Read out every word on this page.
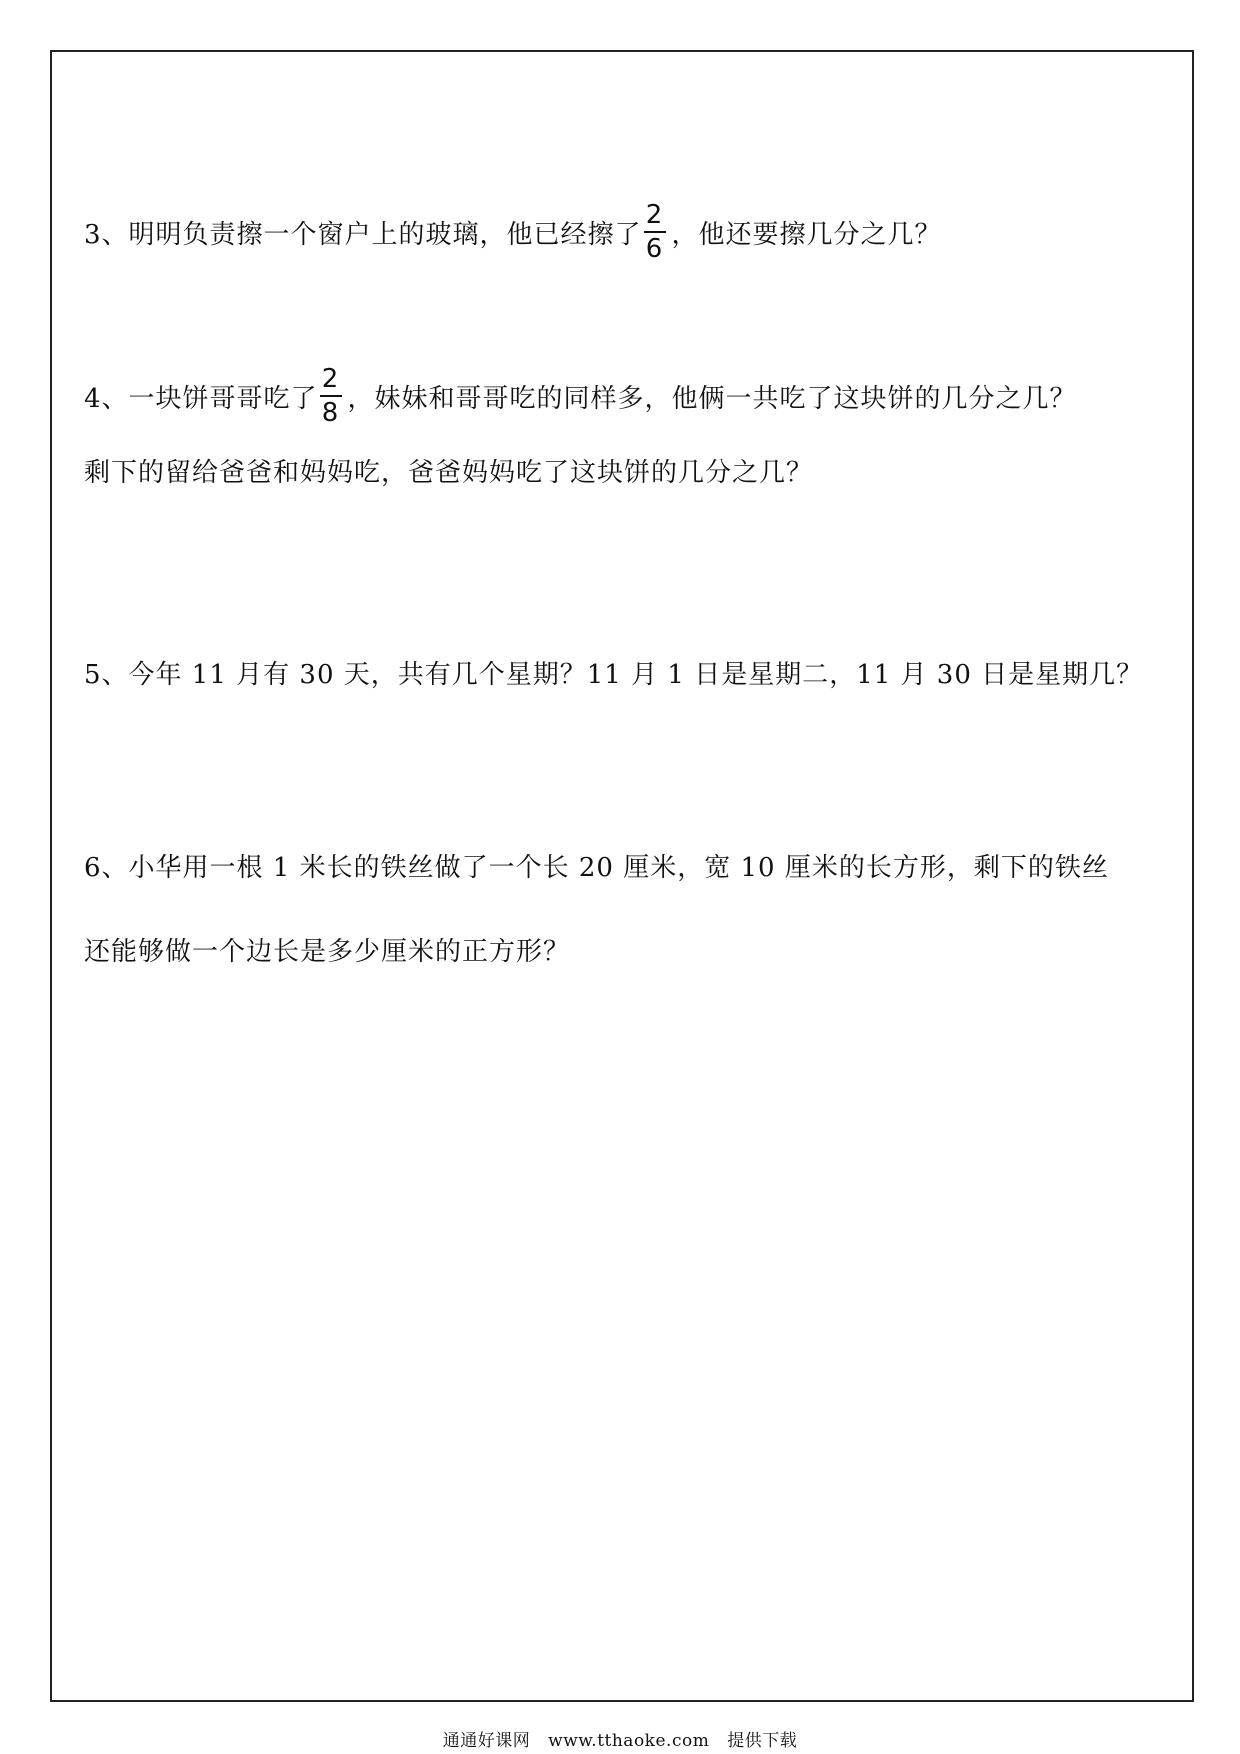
3、明明负责擦一个窗户上的玻璃，他已经擦了 $\frac{2}{6}$ ，他还要擦几分之几？
4、一块饼哥哥吃了 $\frac{2}{8}$ ，妹妹和哥哥吃的同样多，他俩一共吃了这块饼的几分之几？
剩下的留给爸爸和妈妈吃，爸爸妈妈吃了这块饼的几分之几？
5、今年 11 月有 30 天，共有几个星期？11 月 1 日是星期二，11 月 30 日是星期几？
6、小华用一根 1 米长的铁丝做了一个长 20 厘米，宽 10 厘米的长方形，剩下的铁丝
还能够做一个边长是多少厘米的正方形？
通通好课网 www.tthaoke.com 提供下载
